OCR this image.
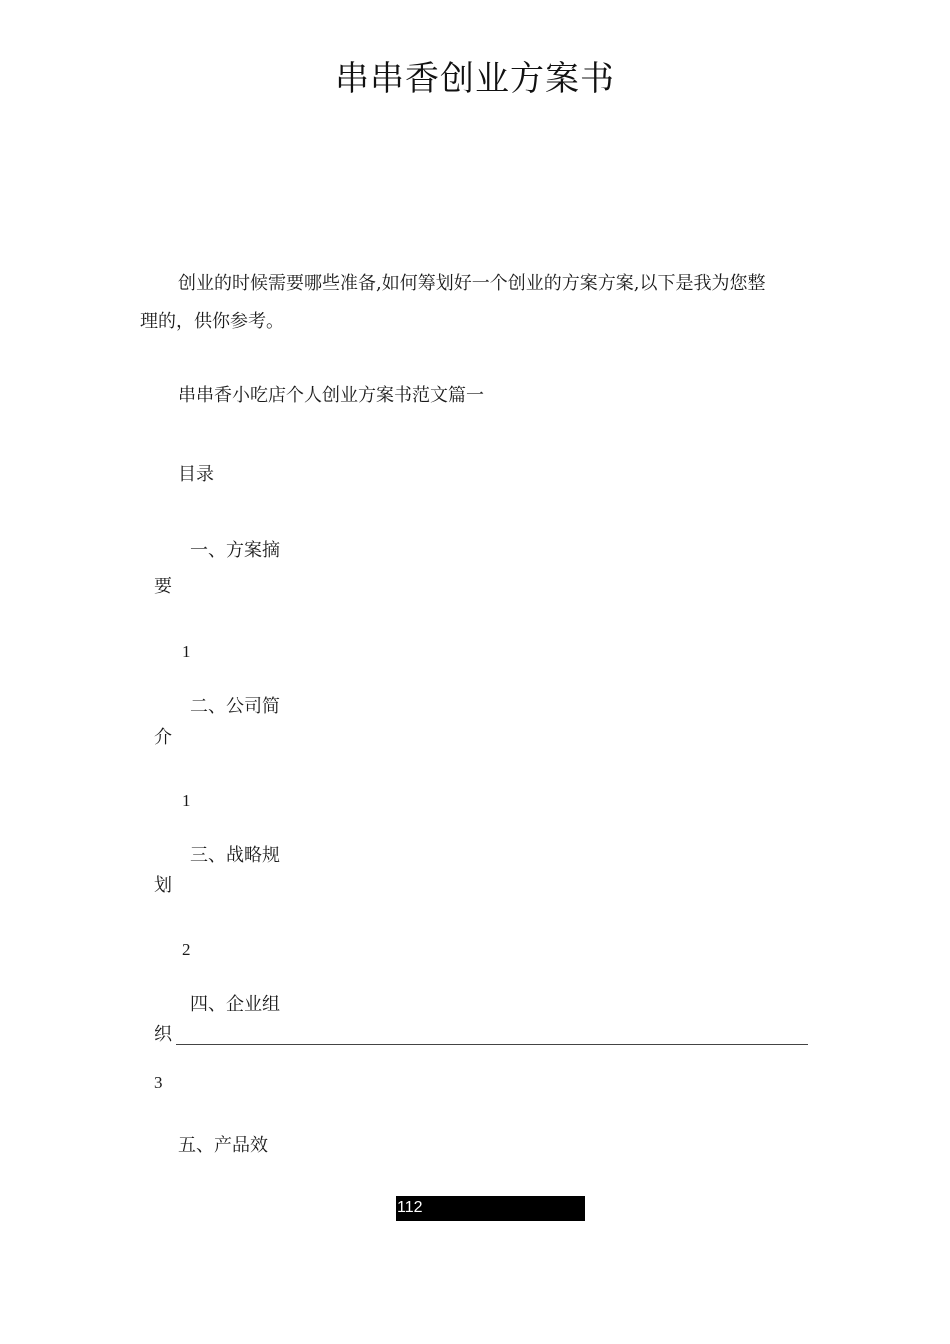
串串香创业方案书
创业的时候需要哪些准备,如何筹划好一个创业的方案方案,以下是我为您整
理的，供你参考。
串串香小吃店个人创业方案书范文篇一
目录
一、方案摘
要
1
二、公司简
介
1
三、战略规
划
2
四、企业组
织
3
五、产品效
112
